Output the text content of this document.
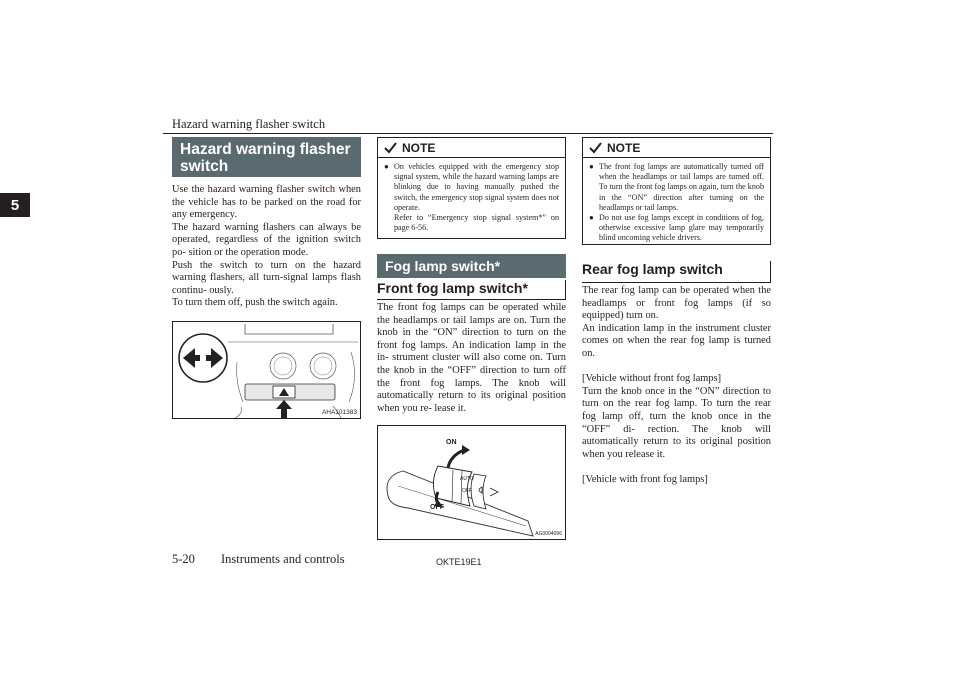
Hazard warning flasher switch
5
Hazard warning flasher
switch

Use the hazard warning flasher switch when the vehicle has to be parked on the road for any emergency.

The hazard warning flashers can always be operated, regardless of the ignition switch po- sition or the operation mode.

Push the switch to turn on the hazard warning flashers, all turn-signal lamps flash continu- ously.

To turn them off, push the switch again.

AHA101383
NOTE
● On vehicles equipped with the emergency stop signal system, while the hazard warning lamps are blinking due to having manually pushed the switch, the emergency stop signal system does not operate.
Refer to “Emergency stop signal system*” on page 6-56.
Fog lamp switch*
Front fog lamp switch*
The front fog lamps can be operated while the headlamps or tail lamps are on. Turn the knob in the “ON” direction to turn on the front fog lamps. An indication lamp in the in- strument cluster will also come on. Turn the knob in the “OFF” direction to turn off the front fog lamps. The knob will automatically return to its original position when you re- lease it.
OFF
AUTO
ON
OFF
AG0004096
NOTE
● The front fog lamps are automatically turned off when the headlamps or tail lamps are turned off. To turn the front fog lamps on again, turn the knob in the “ON” direction after turning on the headlamps or tail lamps.
● Do not use fog lamps except in conditions of fog, otherwise excessive lamp glare may temporarily blind oncoming vehicle drivers.
Rear fog lamp switch

The rear fog lamp can be operated when the headlamps or front fog lamps (if so equipped) turn on.

An indication lamp in the instrument cluster comes on when the rear fog lamp is turned on.

[Vehicle without front fog lamps]

Turn the knob once in the “ON” direction to turn on the rear fog lamp. To turn the rear fog lamp off, turn the knob once in the “OFF” di- rection. The knob will automatically return to its original position when you release it.

[Vehicle with front fog lamps]

5-20 Instruments and controls	OKTE19E1
